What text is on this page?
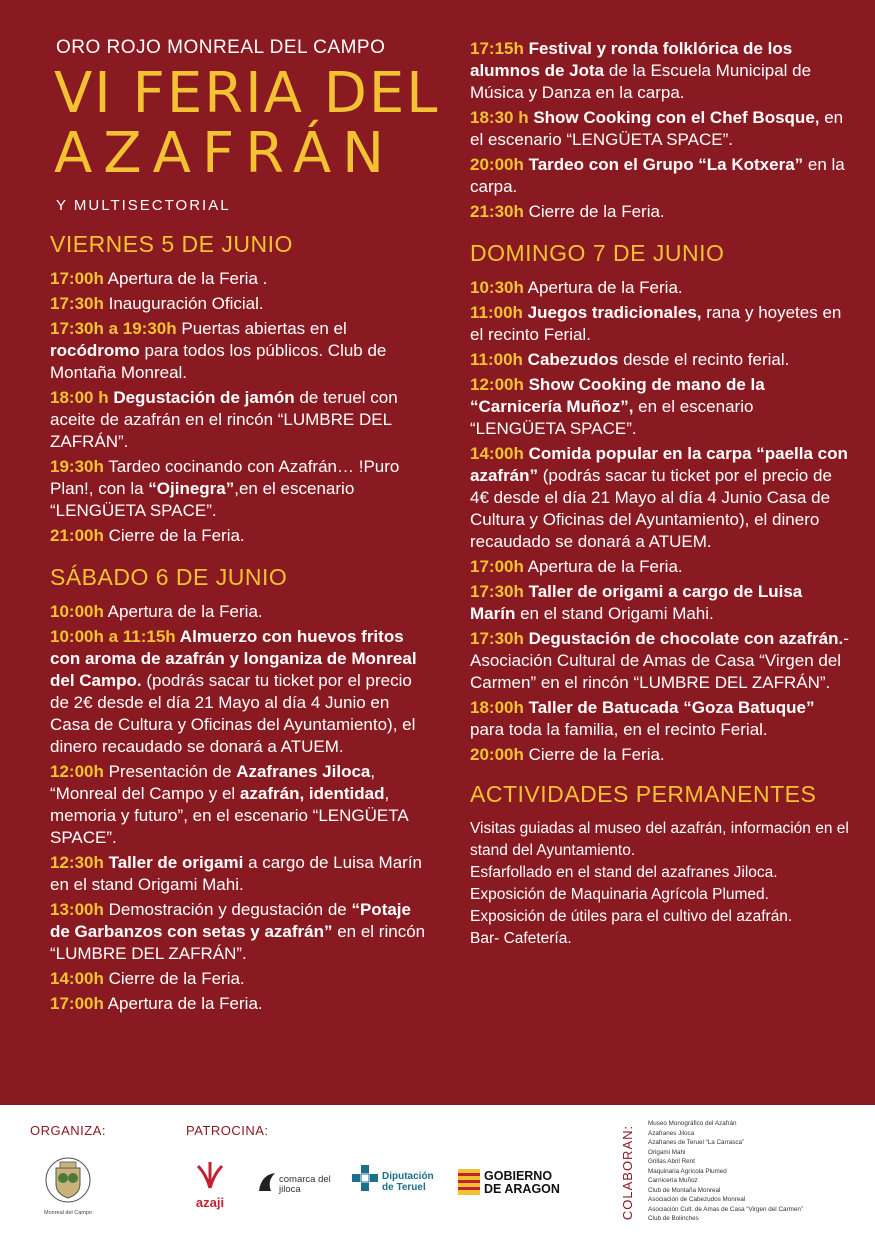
ORO ROJO MONREAL DEL CAMPO
VI FERIA DEL
AZAFRÁN
Y MULTISECTORIAL
VIERNES 5 DE JUNIO

17:00h Apertura de la Feria .

17:30h Inauguración Oficial.

17:30h a 19:30h Puertas abiertas en el rocódromo para todos los públicos. Club de Montaña Monreal.

18:00 h Degustación de jamón de teruel con aceite de azafrán en el rincón “LUMBRE DEL ZAFRÁN”.

19:30h Tardeo cocinando con Azafrán… !Puro Plan!, con la “Ojinegra”,en el escenario “LENGÜETA SPACE”.

21:00h Cierre de la Feria.

SÁBADO 6 DE JUNIO

10:00h Apertura de la Feria.

10:00h a 11:15h Almuerzo con huevos fritos con aroma de azafrán y longaniza de Monreal del Campo. (podrás sacar tu ticket por el precio de 2€ desde el día 21 Mayo al día 4 Junio en Casa de Cultura y Oficinas del Ayuntamiento), el dinero recaudado se donará a ATUEM.

12:00h Presentación de Azafranes Jiloca, “Monreal del Campo y el azafrán, identidad, memoria y futuro”, en el escenario “LENGÜETA SPACE”.

12:30h Taller de origami a cargo de Luisa Marín en el stand Origami Mahi.

13:00h Demostración y degustación de “Potaje de Garbanzos con setas y azafrán” en el rincón “LUMBRE DEL ZAFRÁN”.

14:00h Cierre de la Feria.

17:00h Apertura de la Feria.

17:15h Festival y ronda folklórica de los alumnos de Jota de la Escuela Municipal de Música y Danza en la carpa.

18:30 h Show Cooking con el Chef Bosque, en el escenario “LENGÜETA SPACE”.

20:00h Tardeo con el Grupo “La Kotxera” en la carpa.

21:30h Cierre de la Feria.

DOMINGO 7 DE JUNIO

10:30h Apertura de la Feria.

11:00h Juegos tradicionales, rana y hoyetes en el recinto Ferial.

11:00h Cabezudos desde el recinto ferial.

12:00h Show Cooking de mano de la “Carnicería Muñoz”, en el escenario “LENGÜETA SPACE”.

14:00h Comida popular en la carpa “paella con azafrán” (podrás sacar tu ticket por el precio de 4€ desde el día 21 Mayo al día 4 Junio Casa de Cultura y Oficinas del Ayuntamiento), el dinero recaudado se donará a ATUEM.

17:00h Apertura de la Feria.

17:30h Taller de origami a cargo de Luisa Marín en el stand Origami Mahi.

17:30h Degustación de chocolate con azafrán.- Asociación Cultural de Amas de Casa “Virgen del Carmen” en el rincón “LUMBRE DEL ZAFRÁN”.

18:00h Taller de Batucada “Goza Batuque” para toda la familia, en el recinto Ferial.

20:00h Cierre de la Feria.

ACTIVIDADES PERMANENTES

Visitas guiadas al museo del azafrán, información en el stand del Ayuntamiento.

Esfarfollado en el stand del azafranes Jiloca.

Exposición de Maquinaria Agrícola Plumed.

Exposición de útiles para el cultivo del azafrán.

Bar- Cafetería.

ORGANIZA:	PATROCINA:
Monreal del Campo
azaji
comarca del jiloca
Diputación de Teruel
GOBIERNO DE ARAGON	COLABORAN:
Museo Monográfico del Azafrán
Azafranes Jiloca
Azafranes de Teruel “La Carrasca”
Origami Mahi
Grillas Abril Rent
Maquinaria Agrícola Plumed
Carnicería Muñoz
Club de Montaña Monreal
Asociación de Cabezudos Monreal
Asociación Cult. de Amas de Casa “Virgen del Carmen”
Club de Bolinches
